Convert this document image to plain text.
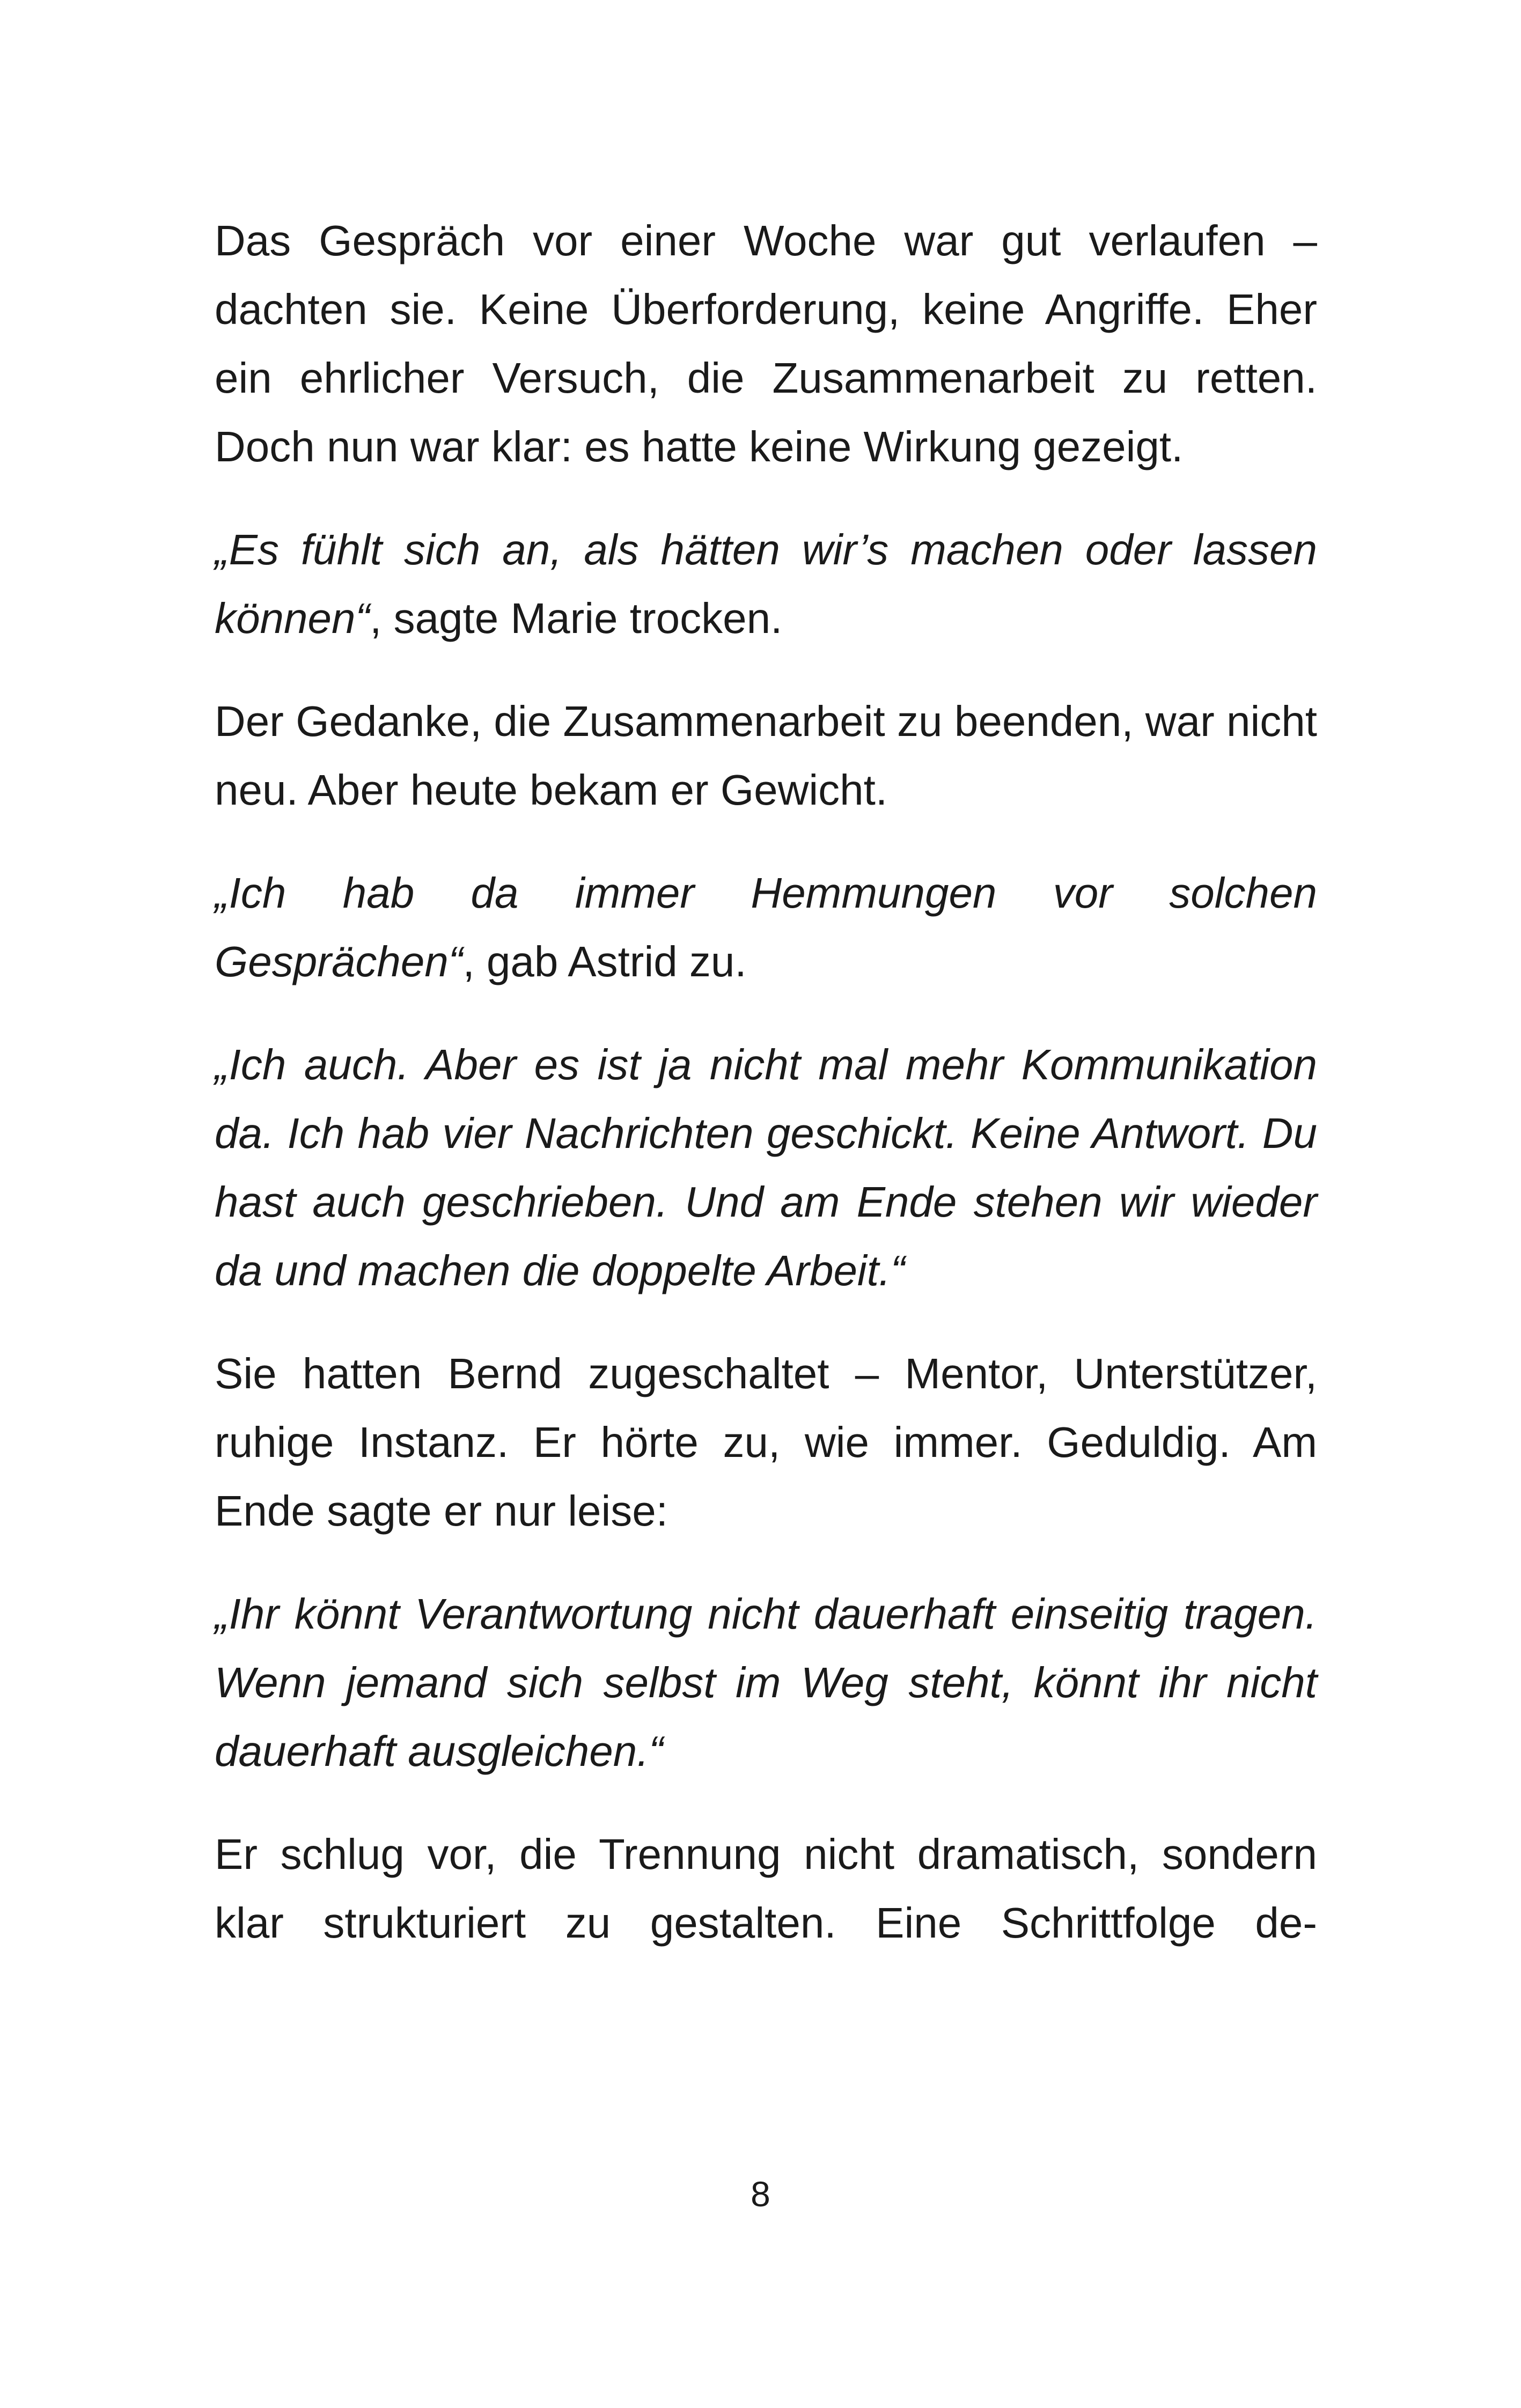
Das Gespräch vor einer Woche war gut verlaufen – dachten sie. Keine Überforderung, keine Angriffe. Eher ein ehrlicher Versuch, die Zusammenarbeit zu retten. Doch nun war klar: es hatte keine Wirkung gezeigt.

„Es fühlt sich an, als hätten wir’s machen oder lassen können“, sagte Marie trocken.

Der Gedanke, die Zusammenarbeit zu beenden, war nicht neu. Aber heute bekam er Gewicht.

„Ich hab da immer Hemmungen vor solchen Gesprächen“, gab Astrid zu.

„Ich auch. Aber es ist ja nicht mal mehr Kommunikation da. Ich hab vier Nachrichten geschickt. Keine Antwort. Du hast auch geschrieben. Und am Ende stehen wir wieder da und machen die doppelte Arbeit.“

Sie hatten Bernd zugeschaltet – Mentor, Unterstützer, ruhige Instanz. Er hörte zu, wie immer. Geduldig. Am Ende sagte er nur leise:

„Ihr könnt Verantwortung nicht dauerhaft einseitig tragen. Wenn jemand sich selbst im Weg steht, könnt ihr nicht dauerhaft ausgleichen.“

Er schlug vor, die Trennung nicht dramatisch, sondern klar strukturiert zu gestalten. Eine Schrittfolge de-

8
